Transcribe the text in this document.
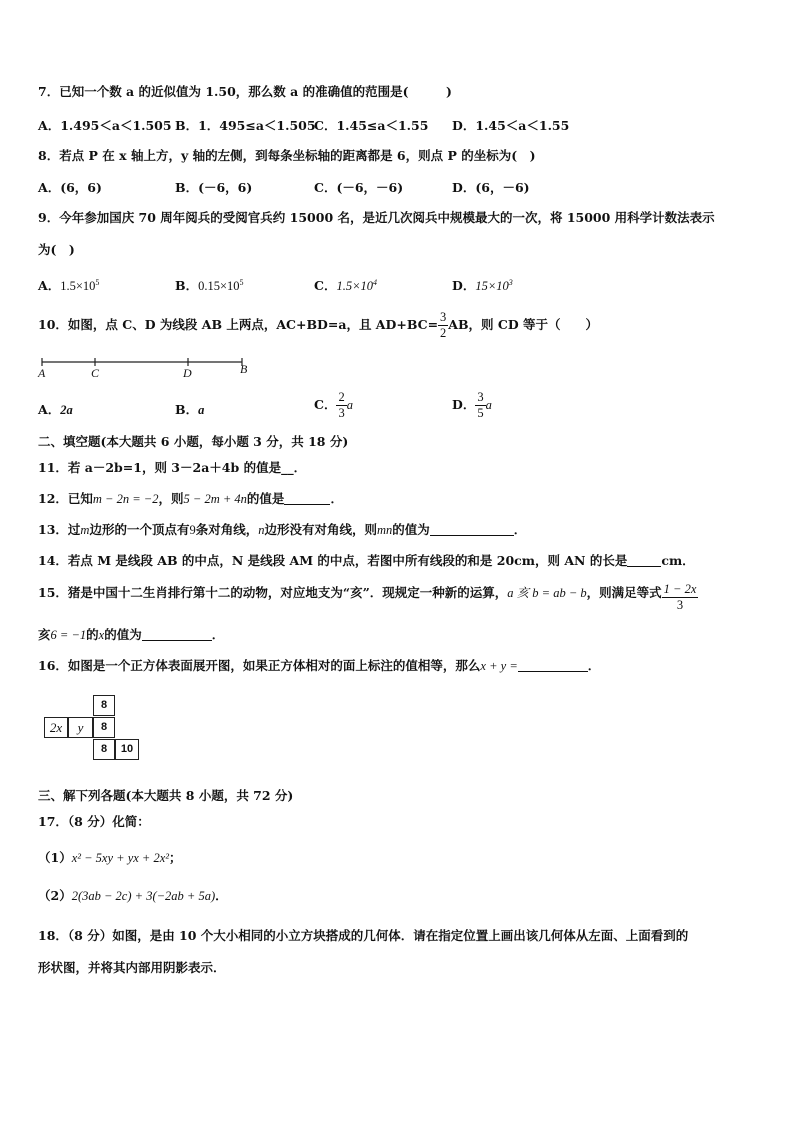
7．已知一个数 a 的近似值为 1.50，那么数 a 的准确值的范围是(　　　)
A．1.495＜a＜1.505 B．1．495≤a＜1.505
C．1.45≤a＜1.55 D．1.45＜a＜1.55
8．若点 P 在 x 轴上方，y 轴的左侧，到每条坐标轴的距离都是 6，则点 P 的坐标为(　)
A．(6，6)	B．(－6，6)	C．(－6，－6)	D．(6，－6)
9．今年参加国庆 70 周年阅兵的受阅官兵约 15000 名，是近几次阅兵中规模最大的一次，将 15000 用科学计数法表示
为(　)
A．$1.5\times 10^5$	B．$0.15\times 10^5$	C．$1.5\times 10^4$	D．$15\times 10^3$
10．如图，点 C、D 为线段 AB 上两点，AC+BD=a，且 $AD+BC= \frac{3}{2}$ AB，则 CD 等于（　　）
A	C	D	B
A．2a	B．a	C． $\frac{2}{3}$ a	D． $\frac{3}{5}$ a
二、填空题(本大题共 6 小题，每小题 3 分，共 18 分)
11．若 a－2b=1，则 3－2a＋4b 的值是__．
12．已知m − 2n = −2，则5 − 2m + 4n的值是	．
13．过m边形的一个顶点有9条对角线，n边形没有对角线，则mn的值为	．
14．若点 M 是线段 AB 的中点，N 是线段 AM 的中点，若图中所有线段的和是 20cm，则 AN 的长是	cm．
15．猪是中国十二生肖排行第十二的动物，对应地支为“亥”．现规定一种新的运算，a 亥 b = ab − b，则满足等式 $\frac{1 - 2x}{3}$
亥6 = −1的x的值为	．
16．如图是一个正方体表面展开图，如果正方体相对的面上标注的值相等，那么x + y =	．
8
2x	y	8
8	10
三、解下列各题(本大题共 8 小题，共 72 分)
17．（8 分）化简：
（1）x² − 5xy + yx + 2x²；
（2）2(3ab − 2c) + 3(−2ab + 5a)．
18．（8 分）如图，是由 10 个大小相同的小立方块搭成的几何体．请在指定位置上画出该几何体从左面、上面看到的
形状图，并将其内部用阴影表示．
